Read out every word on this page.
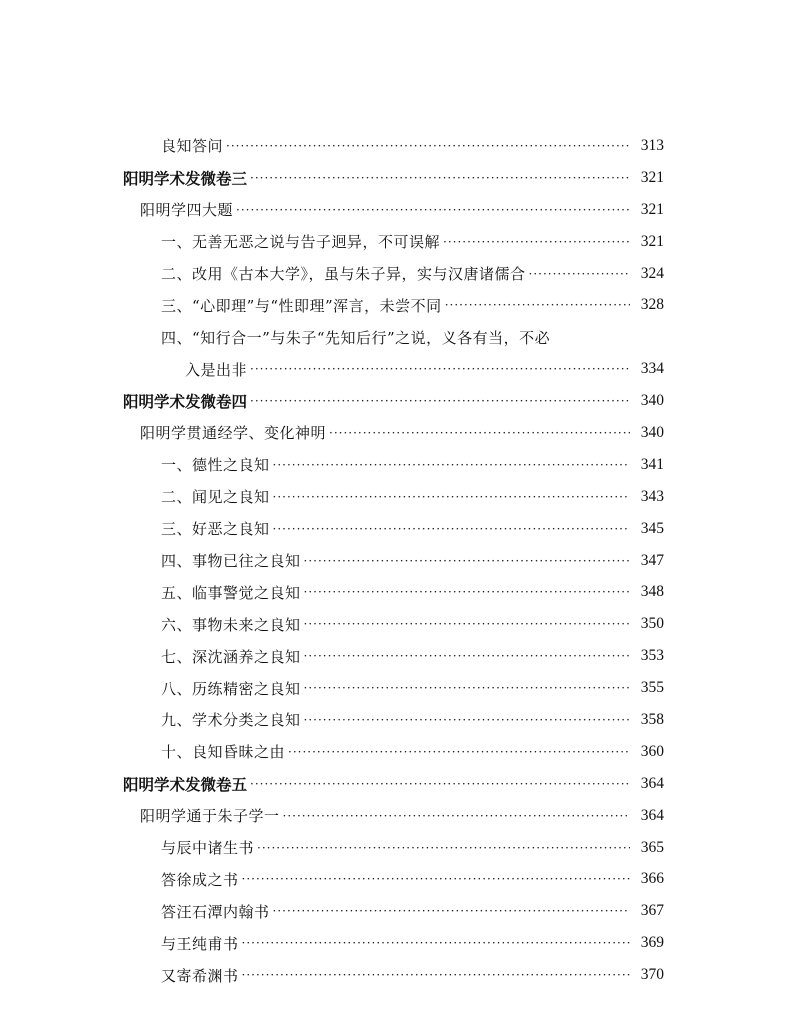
良知答问 ·····	313
阳明学术发微卷三 ·····	321
阳明学四大题 ·····	321
一、无善无恶之说与告子迥异，不可误解 ·····	321
二、改用《古本大学》，虽与朱子异，实与汉唐诸儒合 ·····	324
三、“心即理”与“性即理”浑言，未尝不同 ·····	328
四、“知行合一”与朱子“先知后行”之说，义各有当，不必
入是出非 ·····	334
阳明学术发微卷四 ·····	340
阳明学贯通经学、变化神明 ·····	340
一、德性之良知 ·····	341
二、闻见之良知 ·····	343
三、好恶之良知 ·····	345
四、事物已往之良知 ·····	347
五、临事警觉之良知 ·····	348
六、事物未来之良知 ·····	350
七、深沈涵养之良知 ·····	353
八、历练精密之良知 ·····	355
九、学术分类之良知 ·····	358
十、良知昏昧之由 ·····	360
阳明学术发微卷五 ·····	364
阳明学通于朱子学一 ·····	364
与辰中诸生书 ·····	365
答徐成之书 ·····	366
答汪石潭内翰书 ·····	367
与王纯甫书 ·····	369
又寄希渊书 ·····	370
